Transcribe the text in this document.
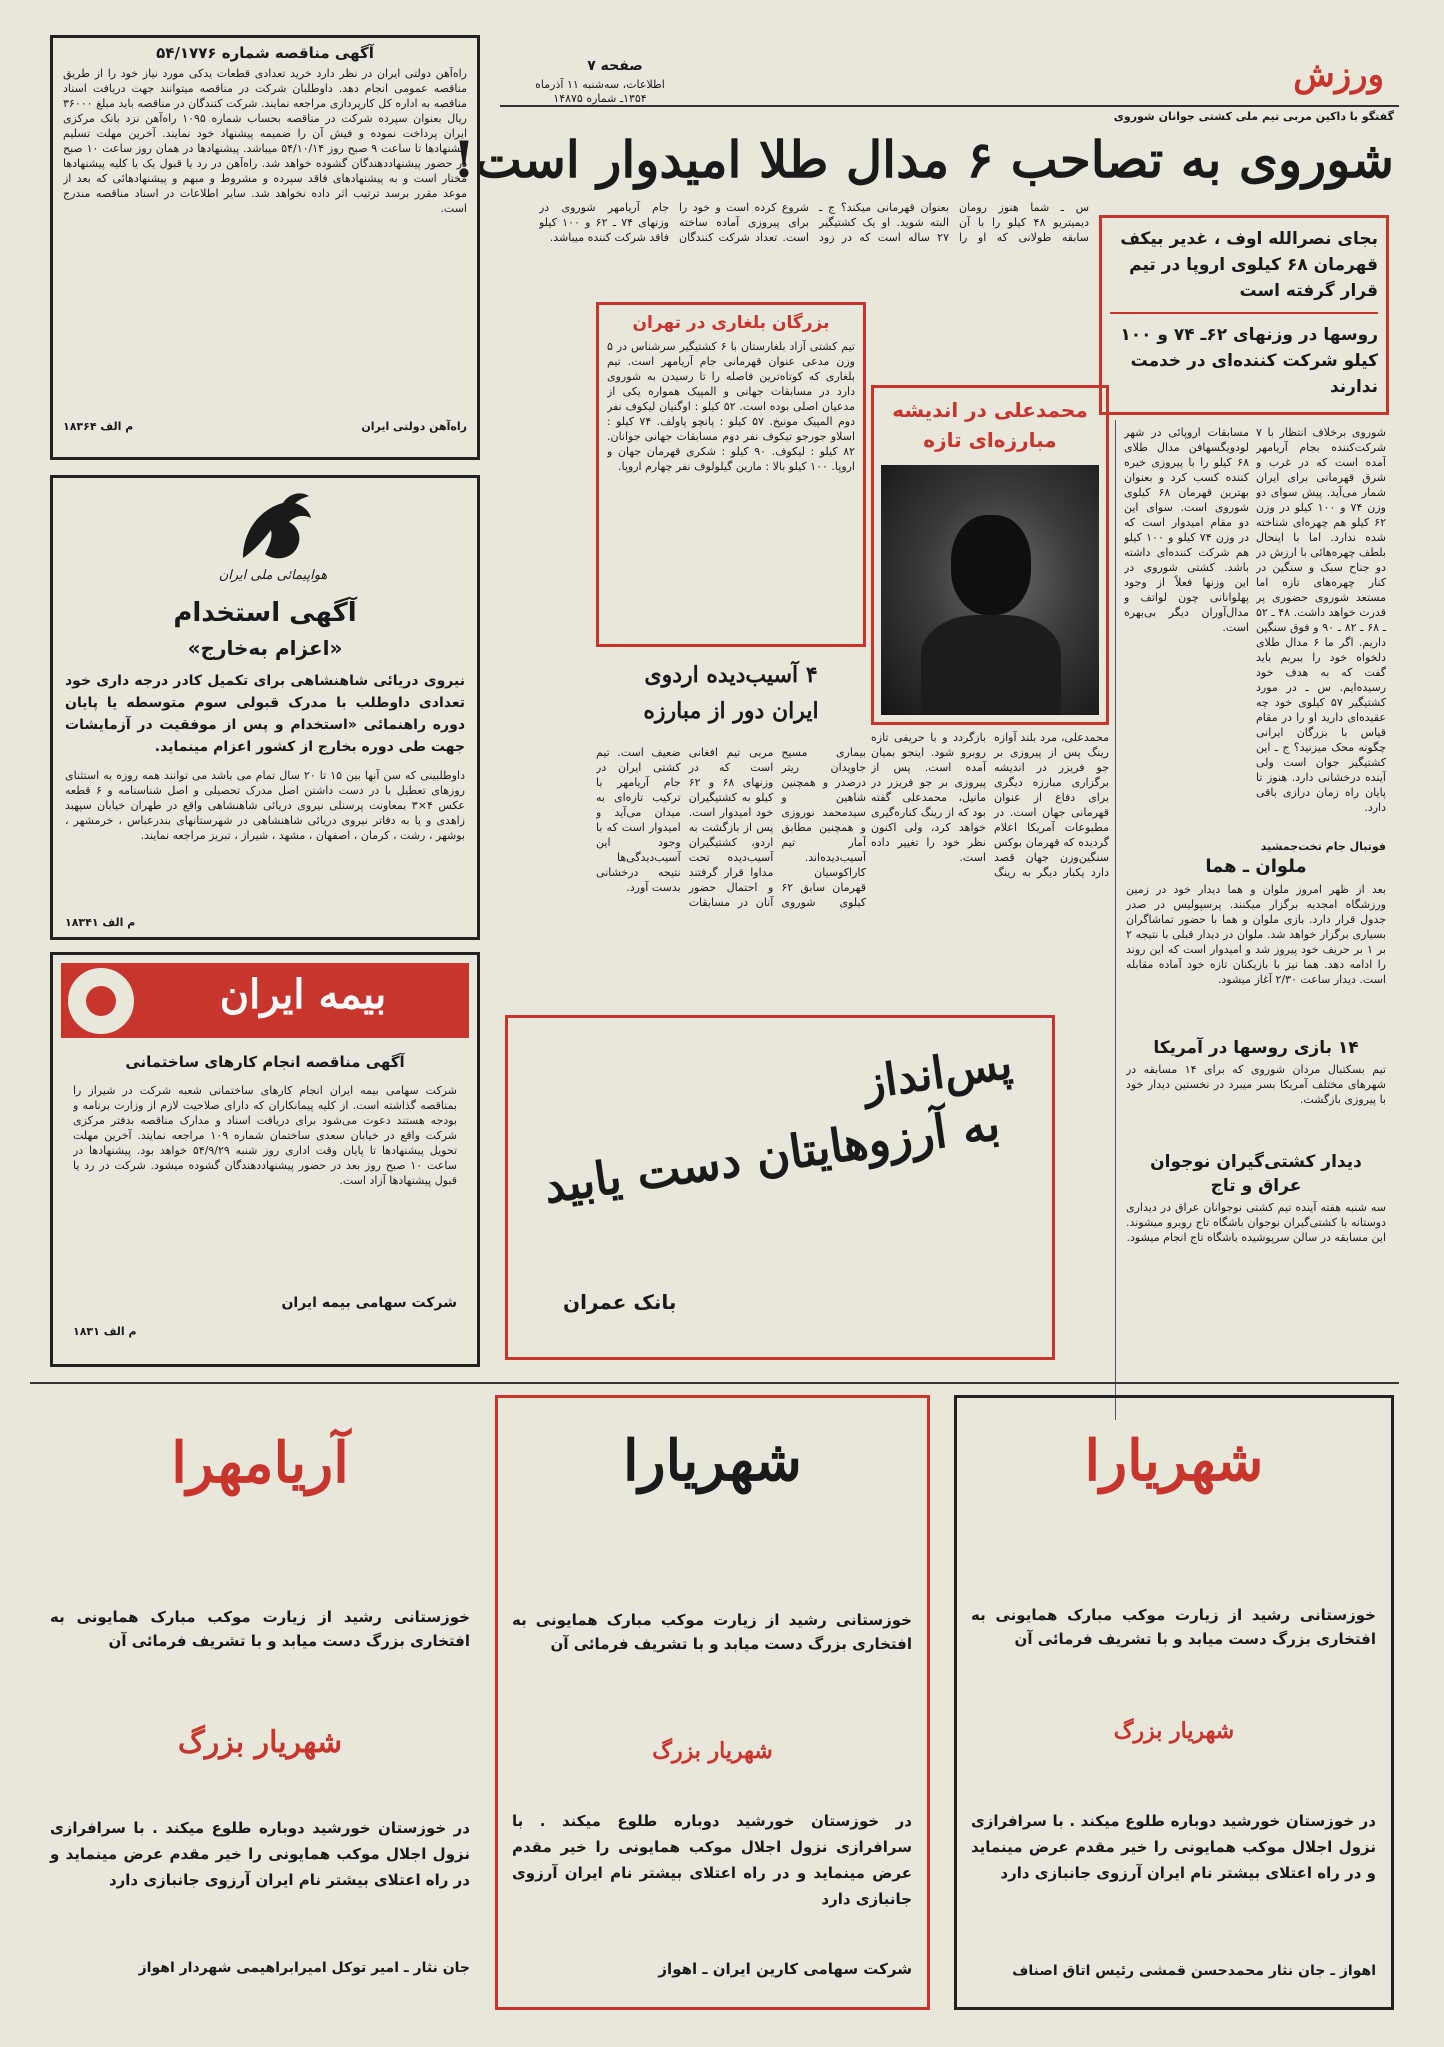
ورزش
صفحه ۷
اطلاعات، سه‌شنبه ۱۱ آذرماه
۱۳۵۴ـ شماره ۱۴۸۷۵
گفتگو با داکین مربی تیم ملی کشتی جوانان شوروی
شوروی به تصاحب ۶ مدال طلا امیدوار است!
بجای نصرالله اوف ، غدیر بیکف قهرمان ۶۸ کیلوی اروپا در تیم قرار گرفته است
روسها در وزنهای ۶۲ـ ۷۴ و ۱۰۰ کیلو شرکت کننده‌ای در خدمت ندارند
شوروی برخلاف انتظار با ۷ شرکت‌کننده بجام آریامهر آمده است که در غرب و شرق قهرمانی برای ایران شمار می‌آید. پیش سوای دو وزن ۷۴ و ۱۰۰ کیلو در وزن ۶۲ کیلو هم چهره‌ای شناخته شده ندارد. اما با اینحال بلطف چهره‌هائی با ارزش در دو جناح سبک و سنگین در کنار چهره‌های تازه اما مستعد شوروی حضوری پر قدرت خواهد داشت. ۴۸ ـ ۵۲ ـ ۶۸ ـ ۸۲ ـ ۹۰ و فوق سنگین داریم. اگر ما ۶ مدال طلای دلخواه خود را ببریم باید گفت که به هدف خود رسیده‌ایم. س ـ در مورد کشتیگیر ۵۷ کیلوی خود چه عقیده‌ای دارید او را در مقام قیاس با بزرگان ایرانی چگونه محک میزنید؟ ج ـ این کشتیگیر جوان است ولی آینده درخشانی دارد. هنوز تا پایان راه زمان درازی باقی دارد.
مسابقات اروپائی در شهر لودویگسهافن مدال طلای ۶۸ کیلو را با پیروزی خیره کننده کسب کرد و بعنوان بهترین قهرمان ۶۸ کیلوی شوروی است. سوای این دو مقام امیدوار است که در وزن ۷۴ کیلو و ۱۰۰ کیلو هم شرکت کننده‌ای داشته باشد. کشتی شوروی در این وزنها فعلاً از وجود پهلوانانی چون لواتف و مدال‌آوران دیگر بی‌بهره است.
س ـ شما هنوز رومان دیمیتریو ۴۸ کیلو را با آن سابقه طولانی که او را بعنوان قهرمانی میکند؟ ج ـ البته شوید. او یک کشتیگیر ۲۷ ساله است که در زود شروع کرده است و خود را برای پیروزی آماده ساخته است. تعداد شرکت کنندگان جام آریامهر شوروی در وزنهای ۷۴ ـ ۶۲ و ۱۰۰ کیلو فاقد شرکت کننده میباشد.
محمدعلی در اندیشه
مبارزه‌ای تازه
محمدعلی، مرد بلند آوازه رینگ پس از پیروزی بر جو فریزر در اندیشه برگزاری مبارزه دیگری برای دفاع از عنوان قهرمانی جهان است. در مطبوعات آمریکا اعلام گردیده که قهرمان بوکس سنگین‌وزن جهان قصد دارد یکبار دیگر به رینگ بازگردد و با حریفی تازه روبرو شود. اینجو بمیان آمده است. پس از پیروزی بر جو فریزر در مانیل، محمدعلی گفته بود که از رینگ کناره‌گیری خواهد کرد، ولی اکنون نظر خود را تغییر داده است.
بزرگان بلغاری در تهران
تیم کشتی آزاد بلغارستان با ۶ کشتیگیر سرشناس در ۵ وزن مدعی عنوان قهرمانی جام آریامهر است. تیم بلغاری که کوتاه‌ترین فاصله را تا رسیدن به شوروی دارد در مسابقات جهانی و المپیک همواره یکی از مدعیان اصلی بوده است. ۵۲ کیلو : اوگنیان لیکوف نفر دوم المپیک مونیخ. ۵۷ کیلو : پانچو پاولف. ۷۴ کیلو : اسلاو جورجو تیکوف نفر دوم مسابقات جهانی جوانان. ۸۲ کیلو : لیکوف. ۹۰ کیلو : شکری قهرمان جهان و اروپا. ۱۰۰ کیلو بالا : مارین گیلولوف نفر چهارم اروپا.
۴ آسیب‌دیده اردوی
ایران دور از مبارزه
بیماری مسیح جاویدان ریتر درصدر و همچنین شاهین و سیدمحمد نوروزی و همچنین مطابق آمار تیم آسیب‌دیده‌اند. کاراکوسیان قهرمان سابق ۶۲ کیلوی شوروی مربی تیم افغانی است که در وزنهای ۶۸ و ۶۲ کیلو به کشتیگیران خود امیدوار است. پس از بازگشت به اردو، کشتیگیران آسیب‌دیده تحت مداوا قرار گرفتند و احتمال حضور آنان در مسابقات ضعیف است. تیم کشتی ایران در جام آریامهر با ترکیب تازه‌ای به میدان می‌آید و امیدوار است که با وجود این آسیب‌دیدگی‌ها نتیجه درخشانی بدست آورد.
فوتبال جام تخت‌جمشید
ملوان ـ هما
بعد از ظهر امروز ملوان و هما دیدار خود در زمین ورزشگاه امجدیه برگزار میکنند. پرسپولیس در صدر جدول قرار دارد. بازی ملوان و هما با حضور تماشاگران بسیاری برگزار خواهد شد. ملوان در دیدار قبلی با نتیجه ۲ بر ۱ بر حریف خود پیروز شد و امیدوار است که این روند را ادامه دهد. هما نیز با بازیکنان تازه خود آماده مقابله است. دیدار ساعت ۲/۳۰ آغاز میشود.
۱۴ بازی روسها در آمریکا
تیم بسکتبال مردان شوروی که برای ۱۴ مسابقه در شهرهای مختلف آمریکا بسر میبرد در نخستین دیدار خود با پیروزی بازگشت.
دیدار کشتی‌گیران نوجوان
عراق و تاج
سه شنبه هفته آینده تیم کشتی نوجوانان عراق در دیداری دوستانه با کشتی‌گیران نوجوان باشگاه تاج روبرو میشوند. این مسابقه در سالن سرپوشیده باشگاه تاج انجام میشود.
آگهی مناقصه شماره ۵۴/۱۷۷۶
راه‌آهن دولتی ایران در نظر دارد خرید تعدادی قطعات یدکی مورد نیاز خود را از طریق مناقصه عمومی انجام دهد. داوطلبان شرکت در مناقصه میتوانند جهت دریافت اسناد مناقصه به اداره کل کارپردازی مراجعه نمایند. شرکت کنندگان در مناقصه باید مبلغ ۳۶۰۰۰ ریال بعنوان سپرده شرکت در مناقصه بحساب شماره ۱۰۹۵ راه‌آهن نزد بانک مرکزی ایران پرداخت نموده و فیش آن را ضمیمه پیشنهاد خود نمایند. آخرین مهلت تسلیم پیشنهادها تا ساعت ۹ صبح روز ۵۴/۱۰/۱۴ میباشد. پیشنهادها در همان روز ساعت ۱۰ صبح در حضور پیشنهاددهندگان گشوده خواهد شد. راه‌آهن در رد یا قبول یک یا کلیه پیشنهادها مختار است و به پیشنهادهای فاقد سپرده و مشروط و مبهم و پیشنهادهائی که بعد از موعد مقرر برسد ترتیب اثر داده نخواهد شد. سایر اطلاعات در اسناد مناقصه مندرج است.
راه‌آهن دولتی ایران
م الف ۱۸۳۶۴
هواپیمائی ملی ایران
آگهی استخدام
«اعزام به‌خارج»
نیروی دریائی شاهنشاهی برای تکمیل کادر درجه داری خود تعدادی داوطلب با مدرک قبولی سوم متوسطه یا پایان دوره راهنمائی «استخدام و پس از موفقیت در آزمایشات جهت طی دوره بخارج از کشور اعزام مینماید.
داوطلبینی که سن آنها بین ۱۵ تا ۲۰ سال تمام می باشد می توانند همه روزه به استثنای روزهای تعطیل با در دست داشتن اصل مدرک تحصیلی و اصل شناسنامه و ۶ قطعه عکس ۴×۳ بمعاونت پرسنلی نیروی دریائی شاهنشاهی واقع در طهران خیابان سپهبد زاهدی و یا به دفاتر نیروی دریائی شاهنشاهی در شهرستانهای بندرعباس ، خرمشهر ، بوشهر ، رشت ، کرمان ، اصفهان ، مشهد ، شیراز ، تبریز مراجعه نمایند.
م الف ۱۸۳۴۱
بیمه ایران
آگهی مناقصه انجام کارهای ساختمانی
شرکت سهامی بیمه ایران انجام کارهای ساختمانی شعبه شرکت در شیراز را بمناقصه گذاشته است. از کلیه پیمانکاران که دارای صلاحیت لازم از وزارت برنامه و بودجه هستند دعوت می‌شود برای دریافت اسناد و مدارک مناقصه بدفتر مرکزی شرکت واقع در خیابان سعدی ساختمان شماره ۱۰۹ مراجعه نمایند. آخرین مهلت تحویل پیشنهادها تا پایان وقت اداری روز شنبه ۵۴/۹/۲۹ خواهد بود. پیشنهادها در ساعت ۱۰ صبح روز بعد در حضور پیشنهاددهندگان گشوده میشود. شرکت در رد یا قبول پیشنهادها آزاد است.
شرکت سهامی بیمه ایران
م الف ۱۸۳۱
به آرزوهایتان دست یابید
پس‌انداز
بانک عمران
آریامهرا
خوزستانی رشید از زیارت موکب مبارک همایونی به افتخاری بزرگ دست میابد و با تشریف فرمائی آن
شهریار بزرگ
در خوزستان خورشید دوباره طلوع میکند . با سرافرازی نزول اجلال موکب همایونی را خیر مقدم عرض مینماید و در راه اعتلای بیشتر نام ایران آرزوی جانبازی دارد
جان نثار ـ امیر توکل امیرابراهیمی شهردار اهواز
شهریارا
خوزستانی رشید از زیارت موکب مبارک همایونی به افتخاری بزرگ دست میابد و با تشریف فرمائی آن
شهریار بزرگ
در خوزستان خورشید دوباره طلوع میکند . با سرافرازی نزول اجلال موکب همایونی را خیر مقدم عرض مینماید و در راه اعتلای بیشتر نام ایران آرزوی جانبازی دارد
شرکت سهامی کارین ایران ـ اهواز
شهریارا
خوزستانی رشید از زیارت موکب مبارک همایونی به افتخاری بزرگ دست میابد و با تشریف فرمائی آن
شهریار بزرگ
در خوزستان خورشید دوباره طلوع میکند . با سرافرازی نزول اجلال موکب همایونی را خیر مقدم عرض مینماید و در راه اعتلای بیشتر نام ایران آرزوی جانبازی دارد
اهواز ـ جان نثار محمدحسن قمشی رئیس اتاق اصناف
